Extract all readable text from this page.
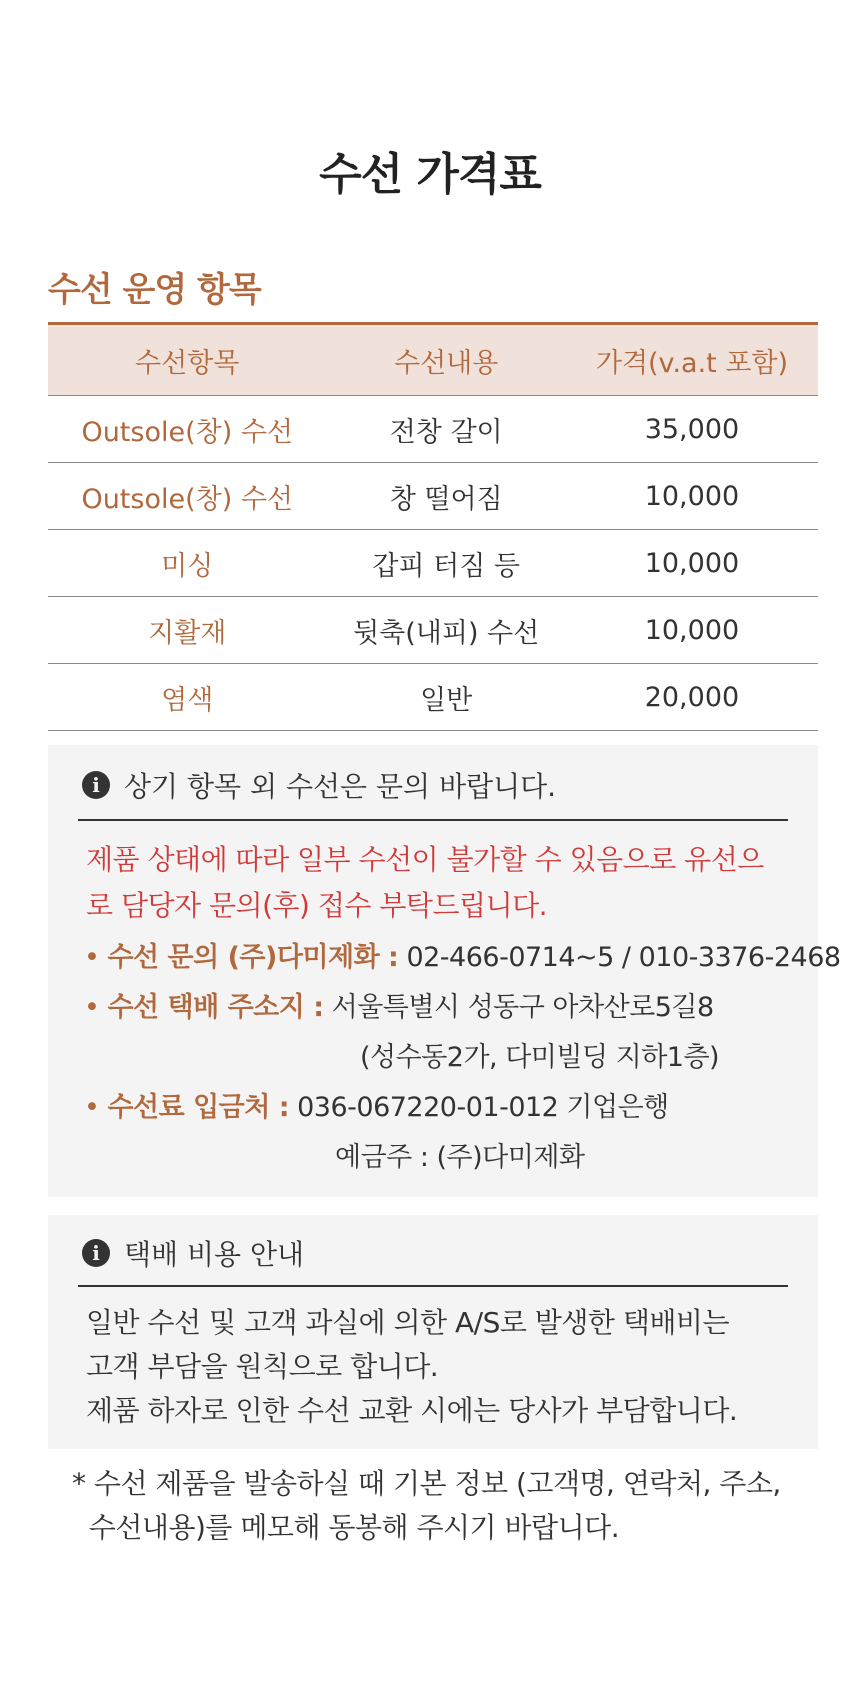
수선 가격표
수선 운영 항목
수선항목	수선내용	가격(v.a.t 포함)
Outsole(창) 수선	전창 갈이	35,000
Outsole(창) 수선	창 떨어짐	10,000
미싱	갑피 터짐 등	10,000
지활재	뒷축(내피) 수선	10,000
염색	일반	20,000
i 상기 항목 외 수선은 문의 바랍니다.
제품 상태에 따라 일부 수선이 불가할 수 있음으로 유선으로 담당자 문의(후) 접수 부탁드립니다.
• 수선 문의 (주)다미제화 : 02-466-0714~5 / 010-3376-2468
• 수선 택배 주소지 : 서울특별시 성동구 아차산로5길8
(성수동2가, 다미빌딩 지하1층)
• 수선료 입금처 : 036-067220-01-012 기업은행
예금주 : (주)다미제화
i 택배 비용 안내
일반 수선 및 고객 과실에 의한 A/S로 발생한 택배비는
고객 부담을 원칙으로 합니다.
제품 하자로 인한 수선 교환 시에는 당사가 부담합니다.
* 수선 제품을 발송하실 때 기본 정보 (고객명, 연락처, 주소,
수선내용)를 메모해 동봉해 주시기 바랍니다.
